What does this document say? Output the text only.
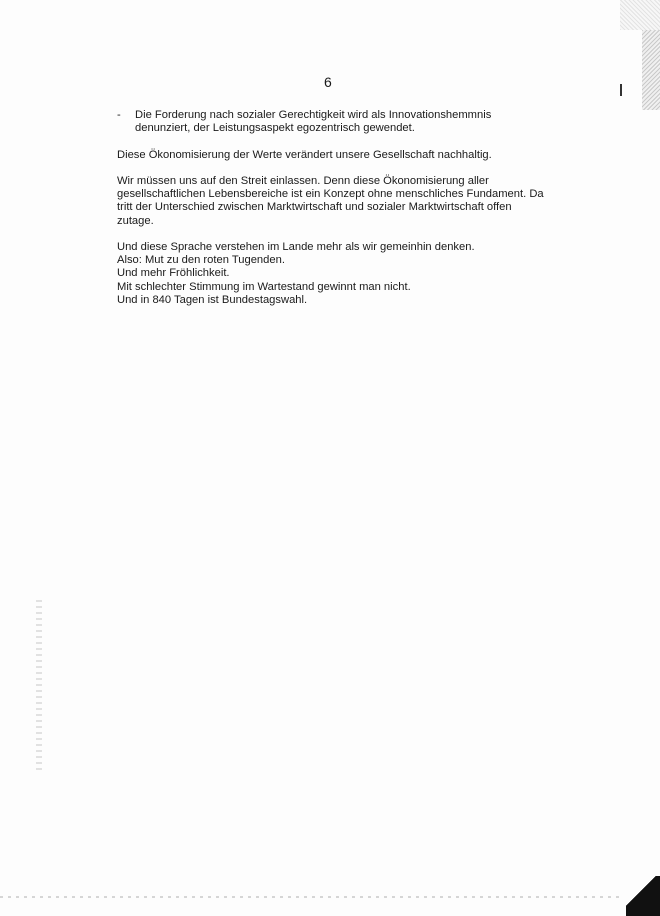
6

- Die Forderung nach sozialer Gerechtigkeit wird als Innovationshemmnis
denunziert, der Leistungsaspekt egozentrisch gewendet.

Diese Ökonomisierung der Werte verändert unsere Gesellschaft nachhaltig.

Wir müssen uns auf den Streit einlassen. Denn diese Ökonomisierung aller
gesellschaftlichen Lebensbereiche ist ein Konzept ohne menschliches Fundament. Da
tritt der Unterschied zwischen Marktwirtschaft und sozialer Marktwirtschaft offen
zutage.

Und diese Sprache verstehen im Lande mehr als wir gemeinhin denken.
Also: Mut zu den roten Tugenden.
Und mehr Fröhlichkeit.
Mit schlechter Stimmung im Wartestand gewinnt man nicht.
Und in 840 Tagen ist Bundestagswahl.
